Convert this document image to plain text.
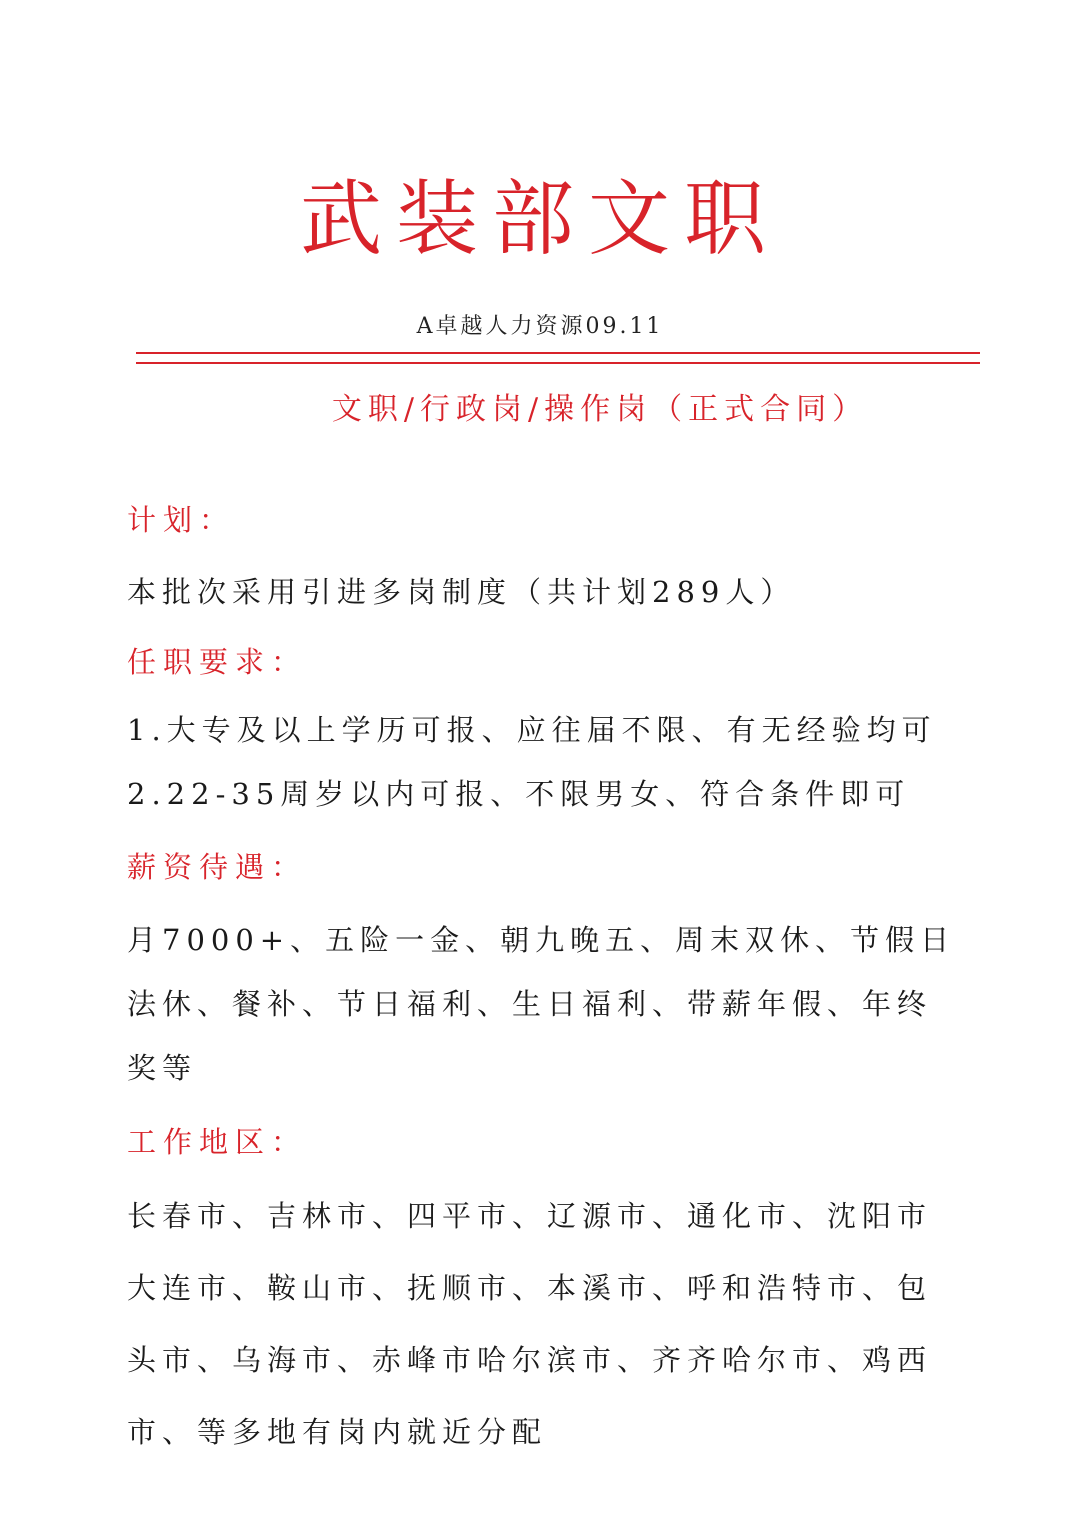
武装部文职
A卓越人力资源09.11
文职/行政岗/操作岗（正式合同）
计划：
本批次采用引进多岗制度（共计划289人）
任职要求：
1.大专及以上学历可报、应往届不限、有无经验均可
2.22-35周岁以内可报、不限男女、符合条件即可
薪资待遇：
月7000+、五险一金、朝九晚五、周末双休、节假日
法休、餐补、节日福利、生日福利、带薪年假、年终
奖等
工作地区：
长春市、吉林市、四平市、辽源市、通化市、沈阳市
大连市、鞍山市、抚顺市、本溪市、呼和浩特市、包
头市、乌海市、赤峰市哈尔滨市、齐齐哈尔市、鸡西
市、等多地有岗内就近分配
